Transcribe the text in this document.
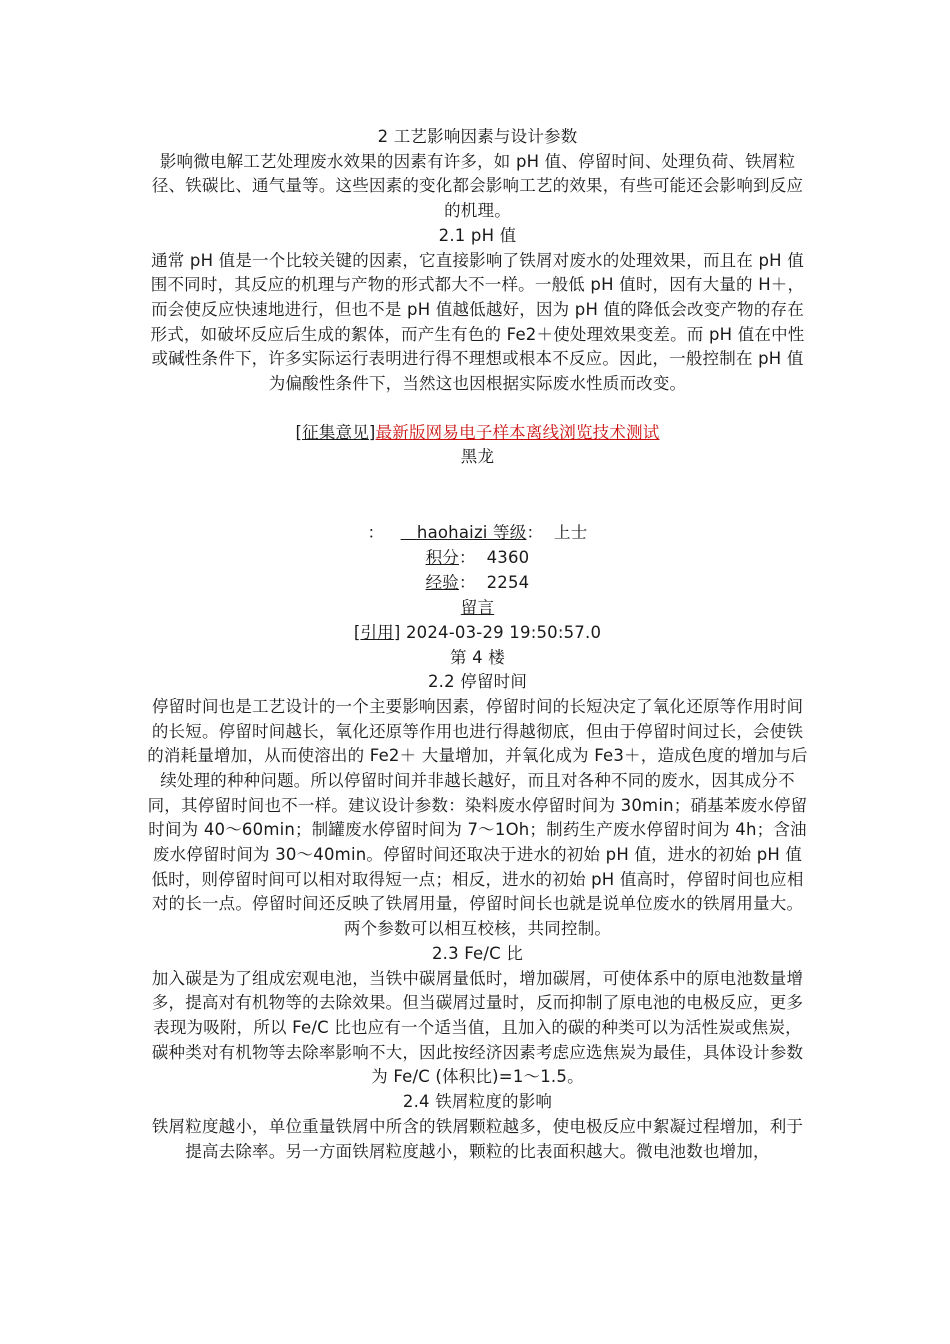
2 工艺影响因素与设计参数

影响微电解工艺处理废水效果的因素有许多，如 pH 值、停留时间、处理负荷、铁屑粒径、铁碳比、通气量等。这些因素的变化都会影响工艺的效果，有些可能还会影响到反应的机理。

2.1 pH 值

通常 pH 值是一个比较关键的因素，它直接影响了铁屑对废水的处理效果，而且在 pH 值围不同时，其反应的机理与产物的形式都大不一样。一般低 pH 值时，因有大量的 H＋，而会使反应快速地进行，但也不是 pH 值越低越好，因为 pH 值的降低会改变产物的存在形式，如破坏反应后生成的絮体，而产生有色的 Fe2＋使处理效果变差。而 pH 值在中性或碱性条件下，许多实际运行表明进行得不理想或根本不反应。因此，一般控制在 pH 值为偏酸性条件下，当然这也因根据实际废水性质而改变。

[征集意见]最新版网易电子样本离线浏览技术测试

黑龙

： haohaizi 等级： 上士

积分：  4360

经验：  2254

留言

[引用] 2024-03-29 19:50:57.0

第 4 楼

2.2 停留时间

停留时间也是工艺设计的一个主要影响因素，停留时间的长短决定了氧化还原等作用时间的长短。停留时间越长，氧化还原等作用也进行得越彻底，但由于停留时间过长，会使铁的消耗量增加，从而使溶出的 Fe2＋ 大量增加，并氧化成为 Fe3＋，造成色度的增加与后续处理的种种问题。所以停留时间并非越长越好，而且对各种不同的废水，因其成分不同，其停留时间也不一样。建议设计参数：染料废水停留时间为 30min；硝基苯废水停留时间为 40～60min；制罐废水停留时间为 7～1Oh；制药生产废水停留时间为 4h；含油废水停留时间为 30～40min。停留时间还取决于进水的初始 pH 值，进水的初始 pH 值低时，则停留时间可以相对取得短一点；相反，进水的初始 pH 值高时，停留时间也应相对的长一点。停留时间还反映了铁屑用量，停留时间长也就是说单位废水的铁屑用量大。两个参数可以相互校核，共同控制。

2.3 Fe/C 比

加入碳是为了组成宏观电池，当铁中碳屑量低时，增加碳屑，可使体系中的原电池数量增多，提高对有机物等的去除效果。但当碳屑过量时，反而抑制了原电池的电极反应，更多表现为吸附，所以 Fe/C 比也应有一个适当值，且加入的碳的种类可以为活性炭或焦炭，碳种类对有机物等去除率影响不大，因此按经济因素考虑应选焦炭为最佳，具体设计参数为 Fe/C (体积比)=1～1.5。

2.4 铁屑粒度的影响

铁屑粒度越小，单位重量铁屑中所含的铁屑颗粒越多，使电极反应中絮凝过程增加，利于提高去除率。另一方面铁屑粒度越小，颗粒的比表面积越大。微电池数也增加，
